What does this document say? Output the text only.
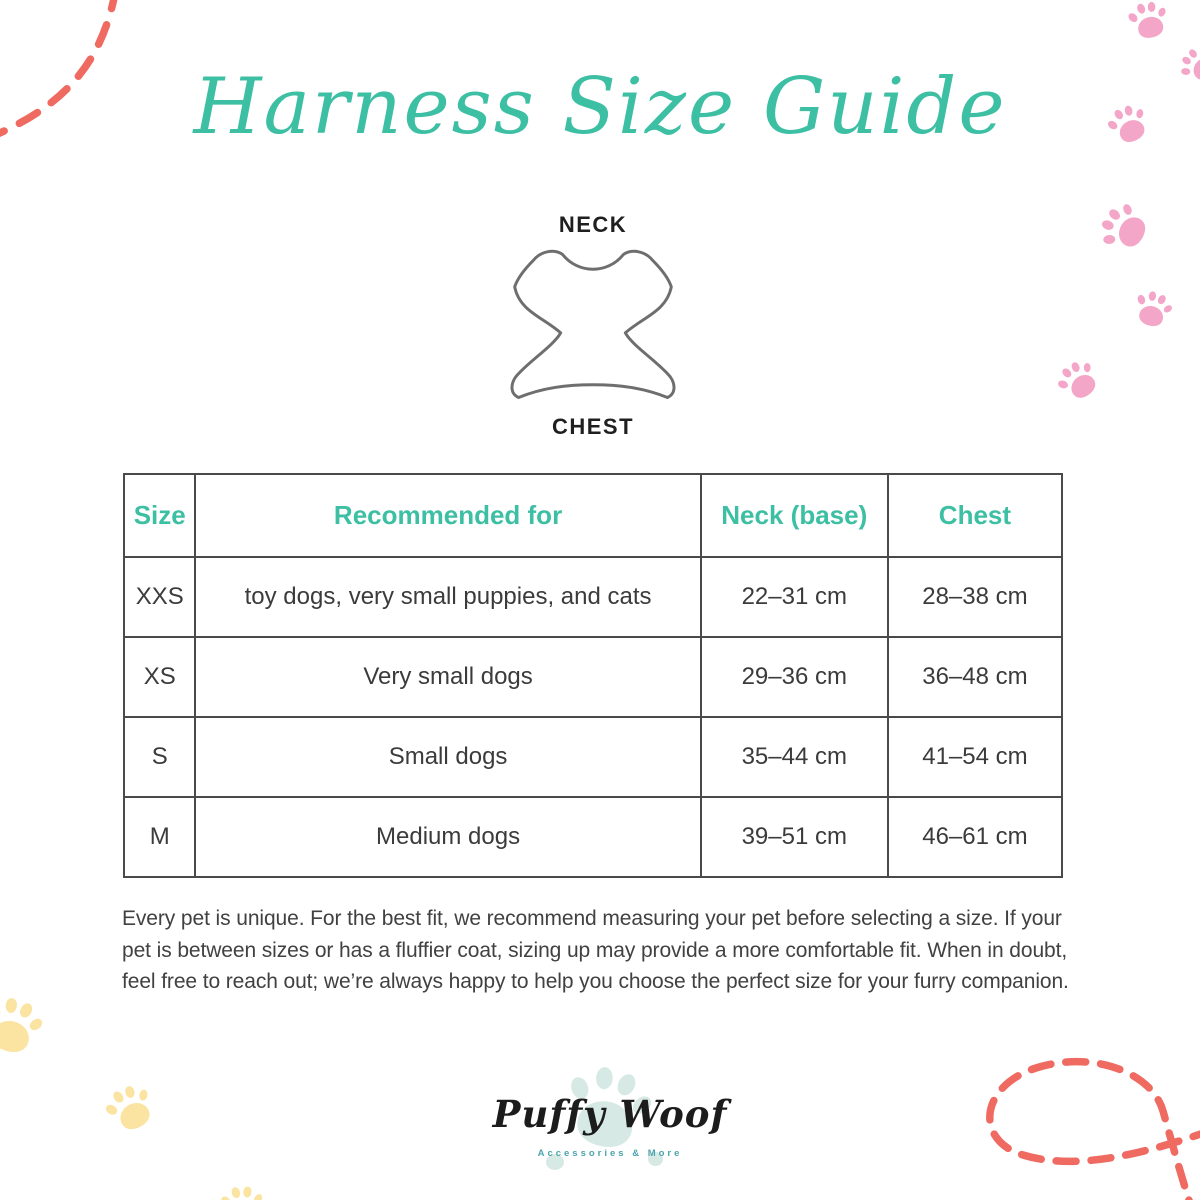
Harness Size Guide
NECK
CHEST
Size	Recommended for	Neck (base)	Chest
XXS	toy dogs, very small puppies, and cats	22–31 cm	28–38 cm
XS	Very small dogs	29–36 cm	36–48 cm
S	Small dogs	35–44 cm	41–54 cm
M	Medium dogs	39–51 cm	46–61 cm
Every pet is unique. For the best fit, we recommend measuring your pet before selecting a size. If your pet is between sizes or has a fluffier coat, sizing up may provide a more comfortable fit. When in doubt, feel free to reach out; we’re always happy to help you choose the perfect size for your furry companion.
Puffy Woof
Accessories & More
